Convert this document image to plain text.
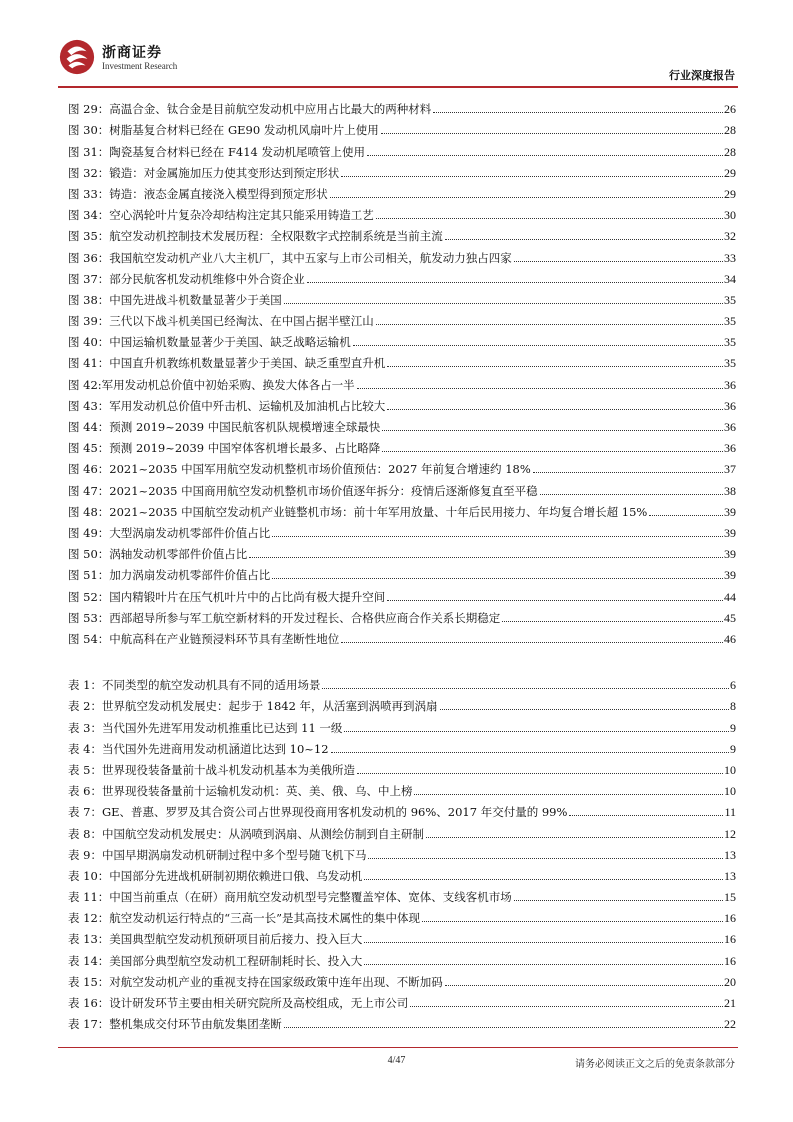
浙商证券
Investment Research
行业深度报告
图 29：高温合金、钛合金是目前航空发动机中应用占比最大的两种材料	26
图 30：树脂基复合材料已经在 GE90 发动机风扇叶片上使用	28
图 31：陶瓷基复合材料已经在 F414 发动机尾喷管上使用	28
图 32：锻造：对金属施加压力使其变形达到预定形状	29
图 33：铸造：液态金属直接浇入模型得到预定形状	29
图 34：空心涡轮叶片复杂冷却结构注定其只能采用铸造工艺	30
图 35：航空发动机控制技术发展历程：全权限数字式控制系统是当前主流	32
图 36：我国航空发动机产业八大主机厂，其中五家与上市公司相关，航发动力独占四家	33
图 37：部分民航客机发动机维修中外合资企业	34
图 38：中国先进战斗机数量显著少于美国	35
图 39：三代以下战斗机美国已经淘汰、在中国占据半壁江山	35
图 40：中国运输机数量显著少于美国、缺乏战略运输机	35
图 41：中国直升机教练机数量显著少于美国、缺乏重型直升机	35
图 42:军用发动机总价值中初始采购、换发大体各占一半	36
图 43：军用发动机总价值中歼击机、运输机及加油机占比较大	36
图 44：预测 2019~2039 中国民航客机队规模增速全球最快	36
图 45：预测 2019~2039 中国窄体客机增长最多、占比略降	36
图 46：2021~2035 中国军用航空发动机整机市场价值预估：2027 年前复合增速约 18%	37
图 47：2021~2035 中国商用航空发动机整机市场价值逐年拆分：疫情后逐渐修复直至平稳	38
图 48：2021~2035 中国航空发动机产业链整机市场：前十年军用放量、十年后民用接力、年均复合增长超 15%	39
图 49：大型涡扇发动机零部件价值占比	39
图 50：涡轴发动机零部件价值占比	39
图 51：加力涡扇发动机零部件价值占比	39
图 52：国内精锻叶片在压气机叶片中的占比尚有极大提升空间	44
图 53：西部超导所参与军工航空新材料的开发过程长、合格供应商合作关系长期稳定	45
图 54：中航高科在产业链预浸料环节具有垄断性地位	46
表 1：不同类型的航空发动机具有不同的适用场景	6
表 2：世界航空发动机发展史：起步于 1842 年，从活塞到涡喷再到涡扇	8
表 3：当代国外先进军用发动机推重比已达到 11 一级	9
表 4：当代国外先进商用发动机涵道比达到 10~12	9
表 5：世界现役装备量前十战斗机发动机基本为美俄所造	10
表 6：世界现役装备量前十运输机发动机：英、美、俄、乌、中上榜	10
表 7：GE、普惠、罗罗及其合资公司占世界现役商用客机发动机的 96%、2017 年交付量的 99%	11
表 8：中国航空发动机发展史：从涡喷到涡扇、从测绘仿制到自主研制	12
表 9：中国早期涡扇发动机研制过程中多个型号随飞机下马	13
表 10：中国部分先进战机研制初期依赖进口俄、乌发动机	13
表 11：中国当前重点（在研）商用航空发动机型号完整覆盖窄体、宽体、支线客机市场	15
表 12：航空发动机运行特点的“三高一长”是其高技术属性的集中体现	16
表 13：美国典型航空发动机预研项目前后接力、投入巨大	16
表 14：美国部分典型航空发动机工程研制耗时长、投入大	16
表 15：对航空发动机产业的重视支持在国家级政策中连年出现、不断加码	20
表 16：设计研发环节主要由相关研究院所及高校组成，无上市公司	21
表 17：整机集成交付环节由航发集团垄断	22
4/47	请务必阅读正文之后的免责条款部分
